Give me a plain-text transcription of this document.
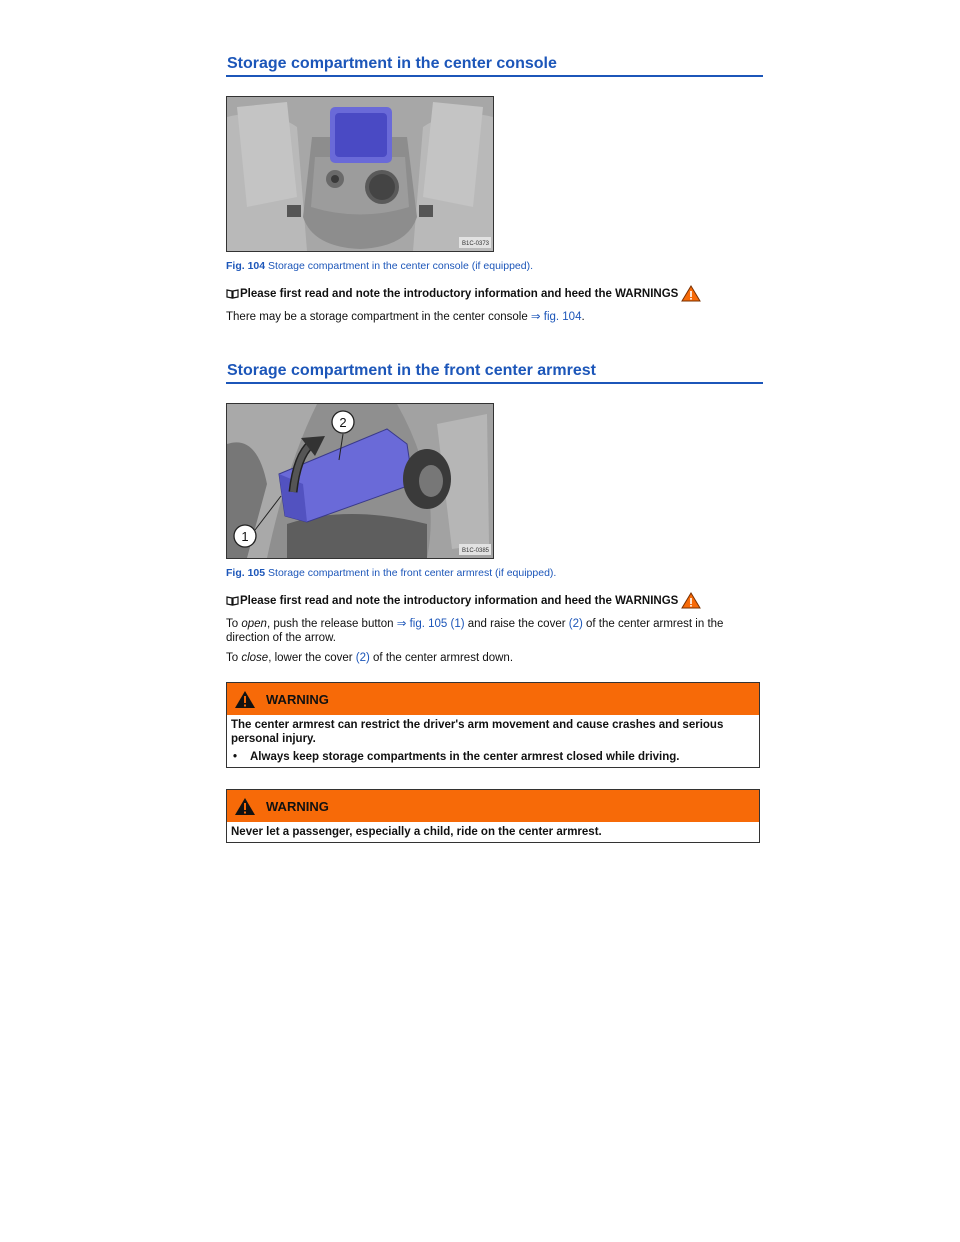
Storage compartment in the center console
B1C-0373
Fig. 104 Storage compartment in the center console (if equipped).
Please first read and note the introductory information and heed the WARNINGS
There may be a storage compartment in the center console ⇒ fig. 104.
Storage compartment in the front center armrest
1
2
B1C-0385
Fig. 105 Storage compartment in the front center armrest (if equipped).
Please first read and note the introductory information and heed the WARNINGS
To open, push the release button ⇒ fig. 105 (1) and raise the cover (2) of the center armrest in the direction of the arrow.
To close, lower the cover (2) of the center armrest down.
WARNING
The center armrest can restrict the driver's arm movement and cause crashes and serious personal injury.
•	Always keep storage compartments in the center armrest closed while driving.
WARNING
Never let a passenger, especially a child, ride on the center armrest.
